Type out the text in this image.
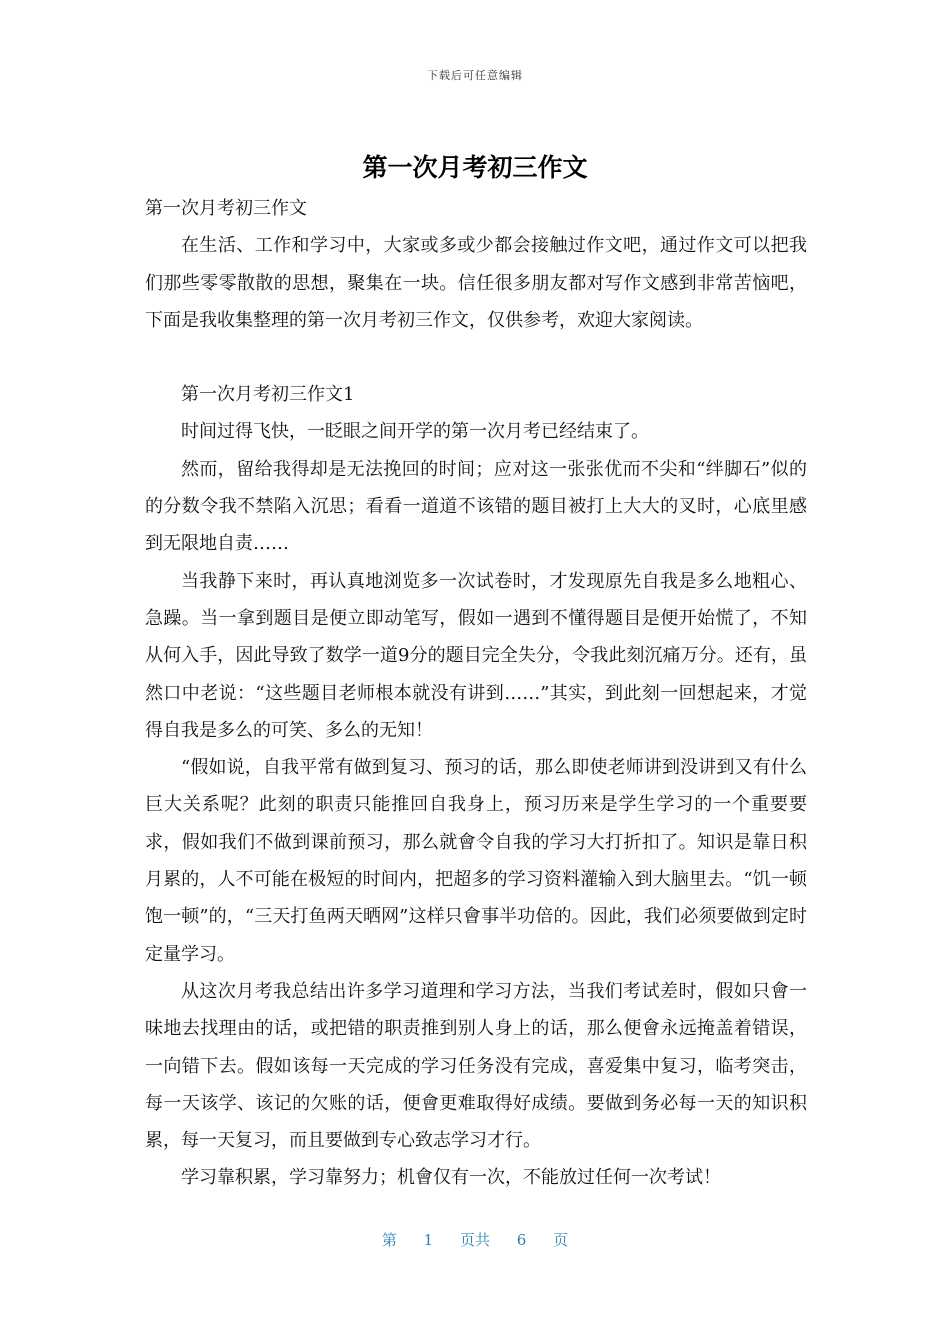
下载后可任意编辑
第一次月考初三作文

第一次月考初三作文

在生活、工作和学习中，大家或多或少都会接触过作文吧，通过作文可以把我们那些零零散散的思想，聚集在一块。信任很多朋友都对写作文感到非常苦恼吧，下面是我收集整理的第一次月考初三作文，仅供参考，欢迎大家阅读。

第一次月考初三作文1

时间过得飞快，一眨眼之间开学的第一次月考已经结束了。

然而，留给我得却是无法挽回的时间；应对这一张张优而不尖和“绊脚石”似的的分数令我不禁陷入沉思；看看一道道不该错的题目被打上大大的叉时，心底里感到无限地自责……

当我静下来时，再认真地浏览多一次试卷时，才发现原先自我是多么地粗心、急躁。当一拿到题目是便立即动笔写，假如一遇到不懂得题目是便开始慌了，不知从何入手，因此导致了数学一道9分的题目完全失分，令我此刻沉痛万分。还有，虽然口中老说：“这些题目老师根本就没有讲到……”其实，到此刻一回想起来，才觉得自我是多么的可笑、多么的无知！

“假如说，自我平常有做到复习、预习的话，那么即使老师讲到没讲到又有什么巨大关系呢？此刻的职责只能推回自我身上，预习历来是学生学习的一个重要要求，假如我们不做到课前预习，那么就會令自我的学习大打折扣了。知识是靠日积月累的，人不可能在极短的时间内，把超多的学习资料灌输入到大脑里去。“饥一顿饱一顿”的，“三天打鱼两天晒网”这样只會事半功倍的。因此，我们必须要做到定时定量学习。

从这次月考我总结出许多学习道理和学习方法，当我们考试差时，假如只會一味地去找理由的话，或把错的职责推到别人身上的话，那么便會永远掩盖着错误，一向错下去。假如该每一天完成的学习任务没有完成，喜爱集中复习，临考突击，每一天该学、该记的欠账的话，便會更难取得好成绩。要做到务必每一天的知识积累，每一天复习，而且要做到专心致志学习才行。

学习靠积累，学习靠努力；机會仅有一次，不能放过任何一次考试！

第 1 页共 6 页
